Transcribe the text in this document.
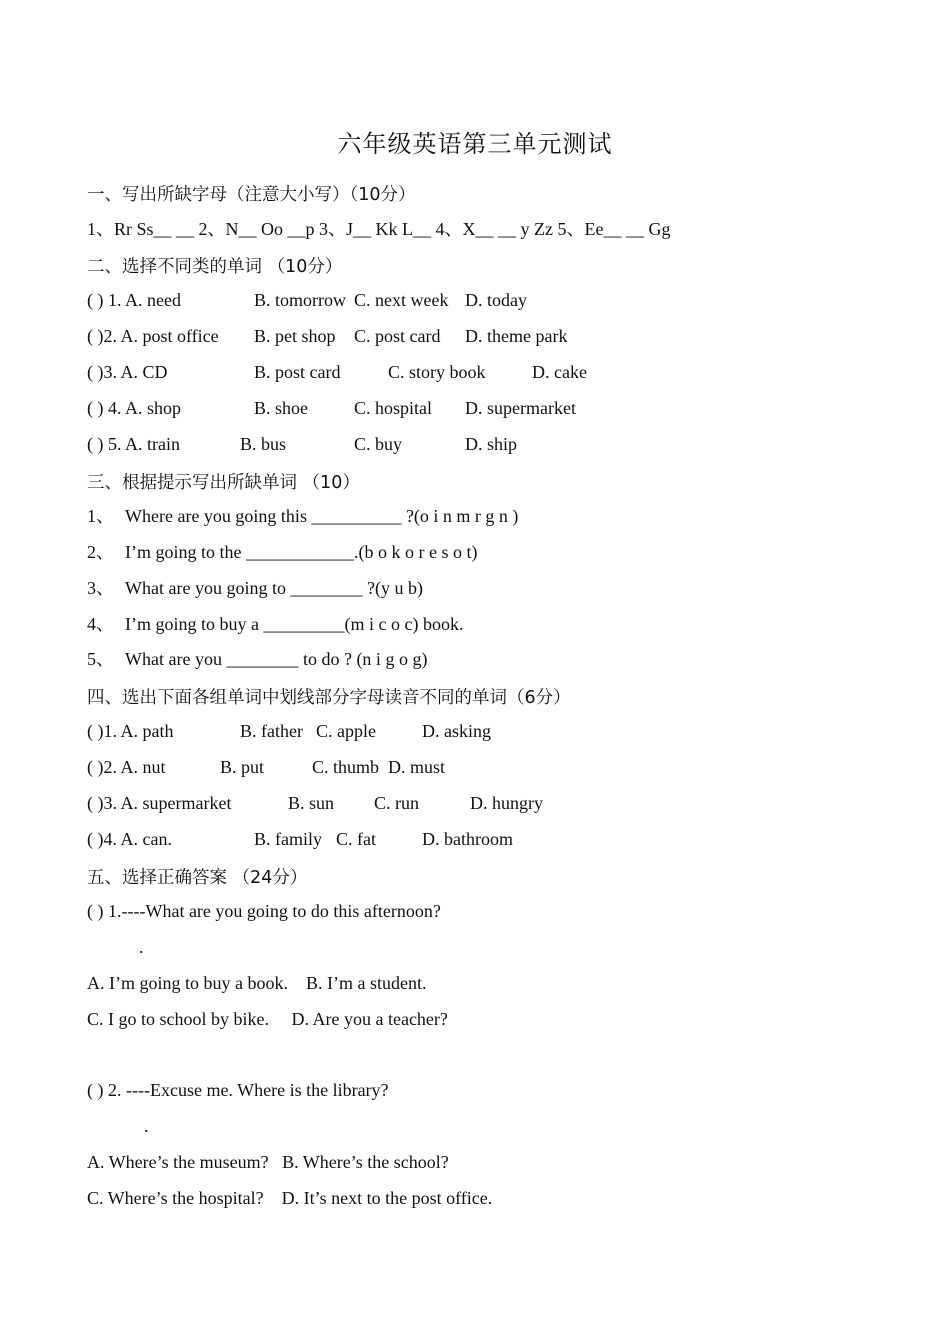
六年级英语第三单元测试
一、写出所缺字母（注意大小写）（10分）
1、Rr Ss__ __ 2、N__ Oo __p 3、J__ Kk L__ 4、X__ __ y Zz 5、Ee__ __ Gg
二、选择不同类的单词 （10分）
( ) 1. A. need	B. tomorrow C. next week D. today
( )2. A. post office B. pet shop C. post card D. theme park
( )3. A. CD	B. post card	C. story book	D. cake
( ) 4. A. shop	B. shoe	C. hospital D. supermarket
( ) 5. A. train	B. bus	C. buy	D. ship
三、根据提示写出所缺单词 （10）
1、 Where are you going this __________ ?(o i n m r g n )
2、 I’m going to the ____________.(b o k o r e s o t)
3、 What are you going to ________ ?(y u b)
4、 I’m going to buy a _________(m i c o c) book.
5、 What are you ________ to do ? (n i g o g)
四、选出下面各组单词中划线部分字母读音不同的单词（6分）
( )1. A. path	B. father C. apple	D. asking
( )2. A. nut	B. put	C. thumb D. must
( )3. A. supermarket	B. sun C. run	D. hungry
( )4. A. can.	B. family C. fat	D. bathroom
五、选择正确答案 （24分）
( ) 1.----What are you going to do this afternoon?
.
A. I’m going to buy a book.    B. I’m a student.
C. I go to school by bike.     D. Are you a teacher?
( ) 2. ----Excuse me. Where is the library?
.
A. Where’s the museum?   B. Where’s the school?
C. Where’s the hospital?    D. It’s next to the post office.
